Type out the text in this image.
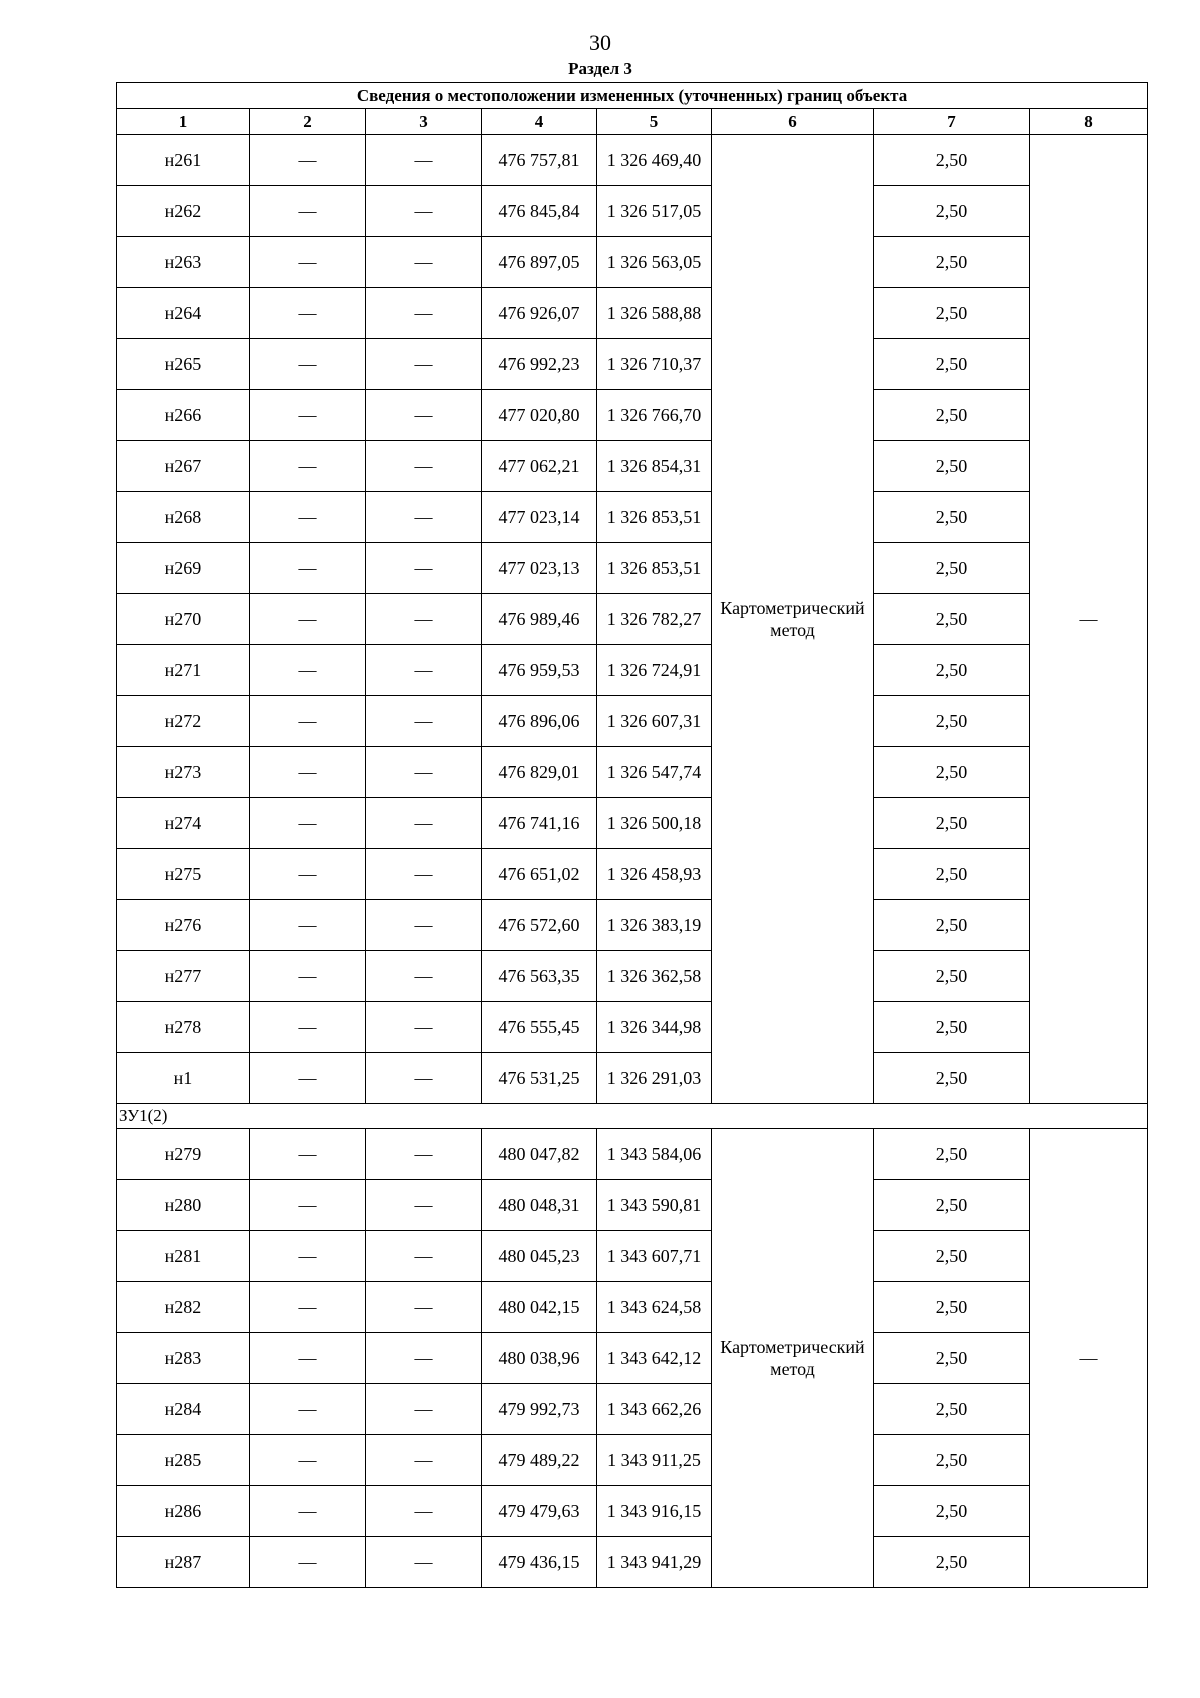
30
Раздел 3
Сведения о местоположении измененных (уточненных) границ объекта							
1	2	3	4	5	6	7	8
н261	—	—	476 757,81	1 326 469,40	Картометрический метод	2,50	—
н262	—	—	476 845,84	1 326 517,05		2,50	
н263	—	—	476 897,05	1 326 563,05		2,50	
н264	—	—	476 926,07	1 326 588,88		2,50	
н265	—	—	476 992,23	1 326 710,37		2,50	
н266	—	—	477 020,80	1 326 766,70		2,50	
н267	—	—	477 062,21	1 326 854,31		2,50	
н268	—	—	477 023,14	1 326 853,51		2,50	
н269	—	—	477 023,13	1 326 853,51		2,50	
н270	—	—	476 989,46	1 326 782,27		2,50	
н271	—	—	476 959,53	1 326 724,91		2,50	
н272	—	—	476 896,06	1 326 607,31		2,50	
н273	—	—	476 829,01	1 326 547,74		2,50	
н274	—	—	476 741,16	1 326 500,18		2,50	
н275	—	—	476 651,02	1 326 458,93		2,50	
н276	—	—	476 572,60	1 326 383,19		2,50	
н277	—	—	476 563,35	1 326 362,58		2,50	
н278	—	—	476 555,45	1 326 344,98		2,50	
н1	—	—	476 531,25	1 326 291,03		2,50	
ЗУ1(2)							
н279	—	—	480 047,82	1 343 584,06	Картометрический метод	2,50	—
н280	—	—	480 048,31	1 343 590,81		2,50	
н281	—	—	480 045,23	1 343 607,71		2,50	
н282	—	—	480 042,15	1 343 624,58		2,50	
н283	—	—	480 038,96	1 343 642,12		2,50	
н284	—	—	479 992,73	1 343 662,26		2,50	
н285	—	—	479 489,22	1 343 911,25		2,50	
н286	—	—	479 479,63	1 343 916,15		2,50	
н287	—	—	479 436,15	1 343 941,29		2,50	
